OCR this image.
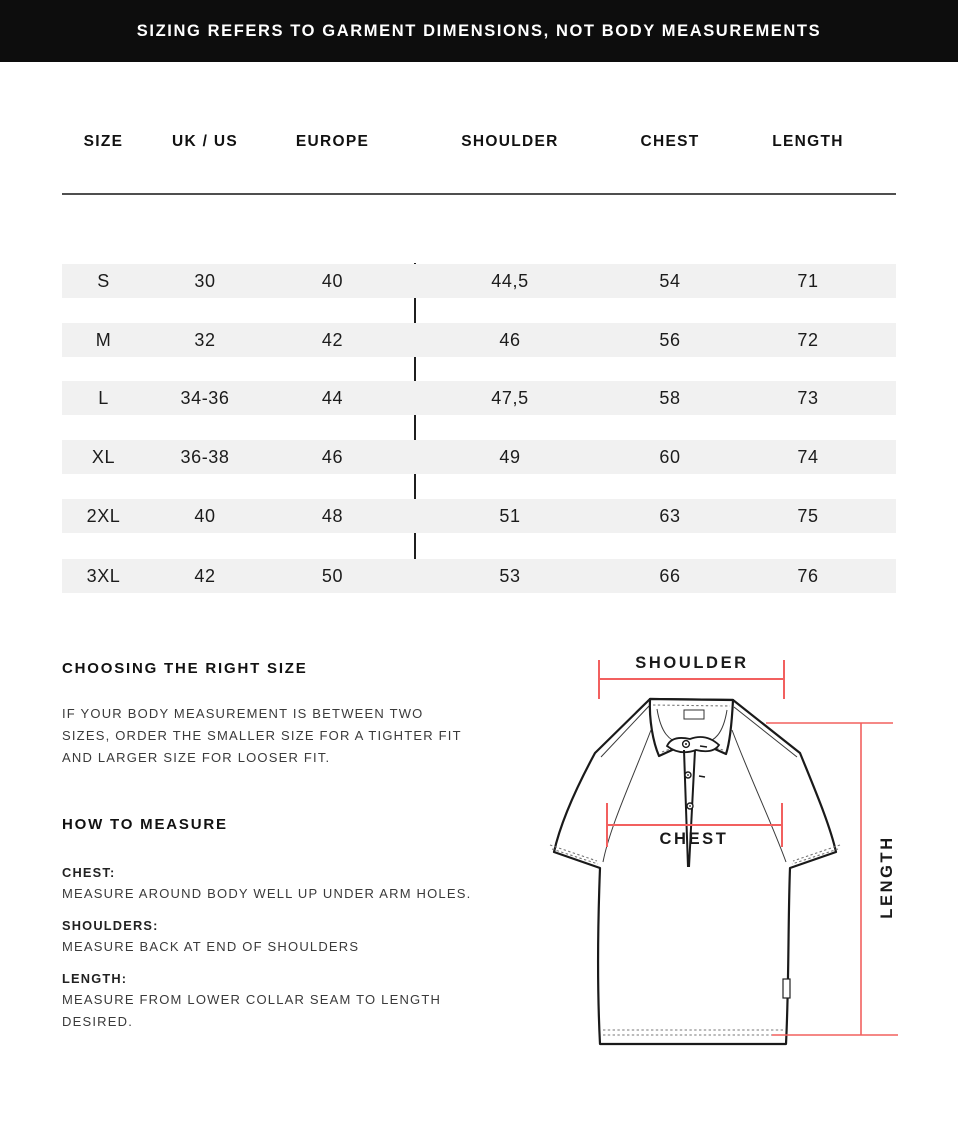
SIZING REFERS TO GARMENT DIMENSIONS, NOT BODY MEASUREMENTS
SIZE	UK / US	EUROPE	SHOULDER	CHEST	LENGTH
S	30	40	44,5	54	71
M	32	42	46	56	72
L	34-36	44	47,5	58	73
XL	36-38	46	49	60	74
2XL	40	48	51	63	75
3XL	42	50	53	66	76
CHOOSING THE RIGHT SIZE
IF YOUR BODY MEASUREMENT IS BETWEEN TWO
SIZES, ORDER THE SMALLER SIZE FOR A TIGHTER FIT
AND LARGER SIZE FOR LOOSER FIT.
HOW TO MEASURE
CHEST:
MEASURE AROUND BODY WELL UP UNDER ARM HOLES.
SHOULDERS:
MEASURE BACK AT END OF SHOULDERS
LENGTH:
MEASURE FROM LOWER COLLAR SEAM TO LENGTH
DESIRED.
SHOULDER
CHEST	LENGTH
